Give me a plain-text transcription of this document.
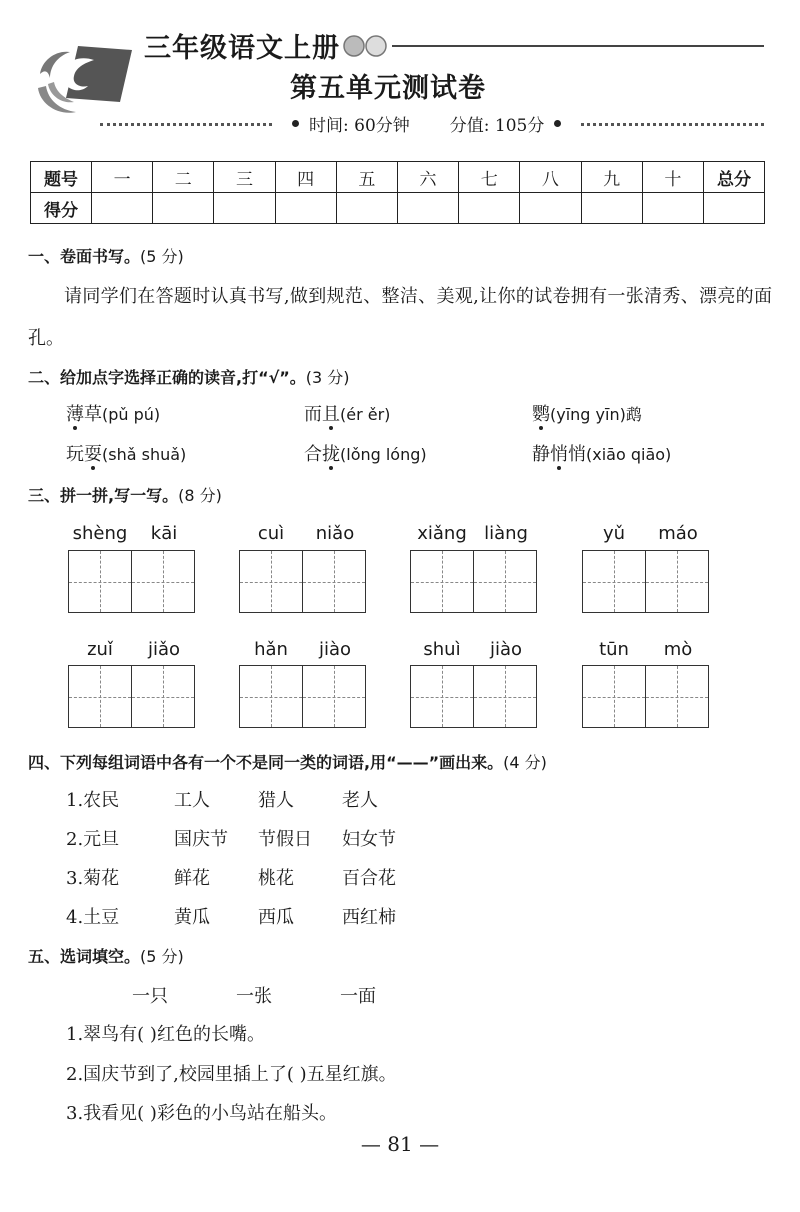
三年级语文上册
第五单元测试卷
时间: 60分钟 分值: 105分
题号	一	二	三	四	五	六	七	八	九	十	总分
得分											
一、卷面书写。(5 分)
请同学们在答题时认真书写,做到规范、整洁、美观,让你的试卷拥有一张清秀、漂亮的面孔。
二、给加点字选择正确的读音,打“√”。(3 分)
薄草(pǔ pú)	而且(ér ěr)	鹦(yīng yīn)鹉
玩耍(shǎ shuǎ)	合拢(lǒng lóng)	静悄悄(xiāo qiāo)
三、拼一拼,写一写。(8 分)
shèng	kāi	cuì	niǎo	xiǎng liàng	yǔ	máo
zuǐ	jiǎo	hǎn	jiào	shuì	jiào	tūn	mò
四、下列每组词语中各有一个不是同一类的词语,用“——”画出来。(4 分)
1.农民	工人	猎人	老人
2.元旦	国庆节 节假日 妇女节
3.菊花	鲜花	桃花	百合花
4.土豆	黄瓜	西瓜	西红柿
五、选词填空。(5 分)
一只	一张	一面
1.翠鸟有( )红色的长嘴。
2.国庆节到了,校园里插上了( )五星红旗。
3.我看见( )彩色的小鸟站在船头。
— 81 —
